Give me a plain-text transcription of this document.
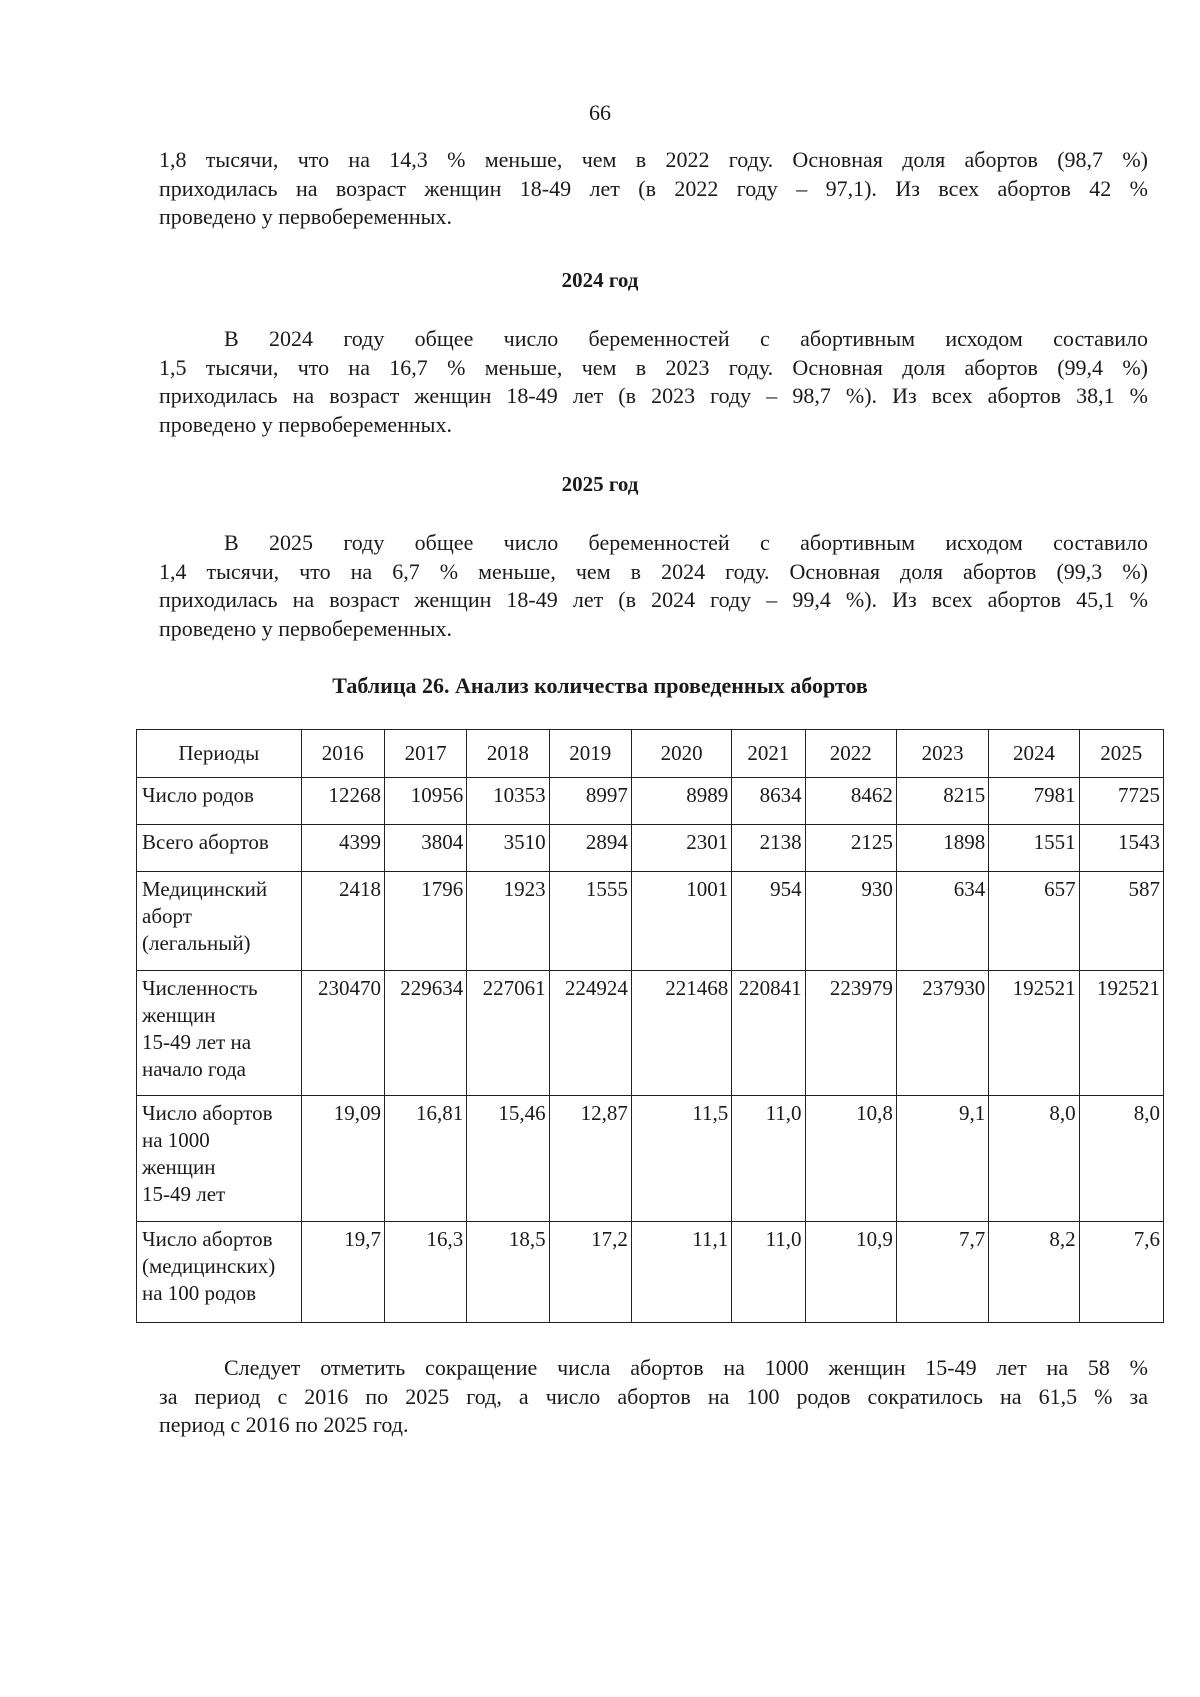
66
1,8 тысячи, что на 14,3 % меньше, чем в 2022 году. Основная доля абортов (98,7 %)
приходилась на возраст женщин 18-49 лет (в 2022 году – 97,1). Из всех абортов 42 %
проведено у первобеременных.
2024 год
В 2024 году общее число беременностей с абортивным исходом составило
1,5 тысячи, что на 16,7 % меньше, чем в 2023 году. Основная доля абортов (99,4 %)
приходилась на возраст женщин 18-49 лет (в 2023 году – 98,7 %). Из всех абортов 38,1 %
проведено у первобеременных.
2025 год
В 2025 году общее число беременностей с абортивным исходом составило
1,4 тысячи, что на 6,7 % меньше, чем в 2024 году. Основная доля абортов (99,3 %)
приходилась на возраст женщин 18-49 лет (в 2024 году – 99,4 %). Из всех абортов 45,1 %
проведено у первобеременных.
Таблица 26. Анализ количества проведенных абортов
Периоды	2016	2017	2018	2019	2020	2021	2022	2023	2024	2025
Число родов	12268	10956	10353	8997	8989	8634	8462	8215	7981	7725
Всего абортов	4399	3804	3510	2894	2301	2138	2125	1898	1551	1543
Медицинский
аборт
(легальный)	2418	1796	1923	1555	1001	954	930	634	657	587
Численность
женщин
15-49 лет на
начало года	230470	229634	227061	224924	221468	220841	223979	237930	192521	192521
Число абортов
на 1000
женщин
15-49 лет	19,09	16,81	15,46	12,87	11,5	11,0	10,8	9,1	8,0	8,0
Число абортов
(медицинских)
на 100 родов	19,7	16,3	18,5	17,2	11,1	11,0	10,9	7,7	8,2	7,6
Следует отметить сокращение числа абортов на 1000 женщин 15-49 лет на 58 %
за период с 2016 по 2025 год, а число абортов на 100 родов сократилось на 61,5 % за
период с 2016 по 2025 год.
